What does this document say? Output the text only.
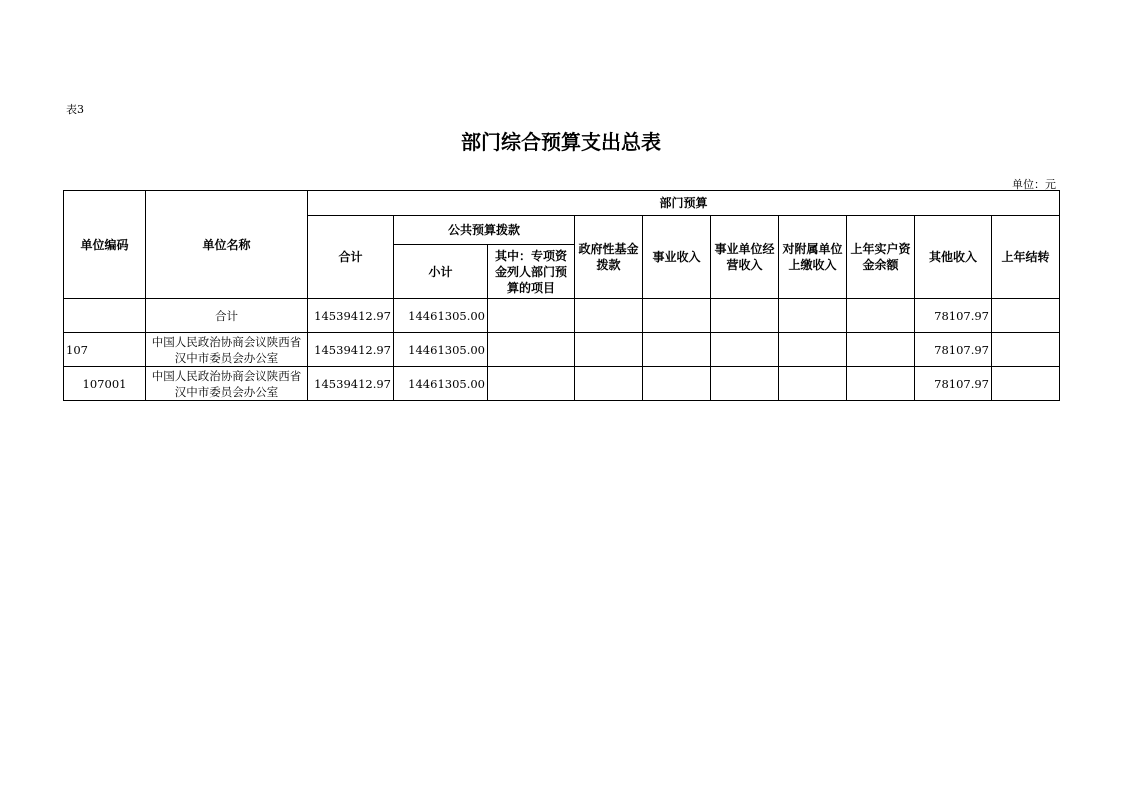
表3
部门综合预算支出总表
单位：元
单位编码	单位名称	部门预算									
		合计	公共预算拨款		政府性基金拨款	事业收入	事业单位经营收入	对附属单位上缴收入	上年实户资金余额	其他收入	上年结转
			小计	其中：专项资金列人部门预算的项目							
	合计	14539412.97	14461305.00							78107.97	
107	中国人民政治协商会议陕西省汉中市委员会办公室	14539412.97	14461305.00							78107.97	
107001	中国人民政治协商会议陕西省汉中市委员会办公室	14539412.97	14461305.00							78107.97	
